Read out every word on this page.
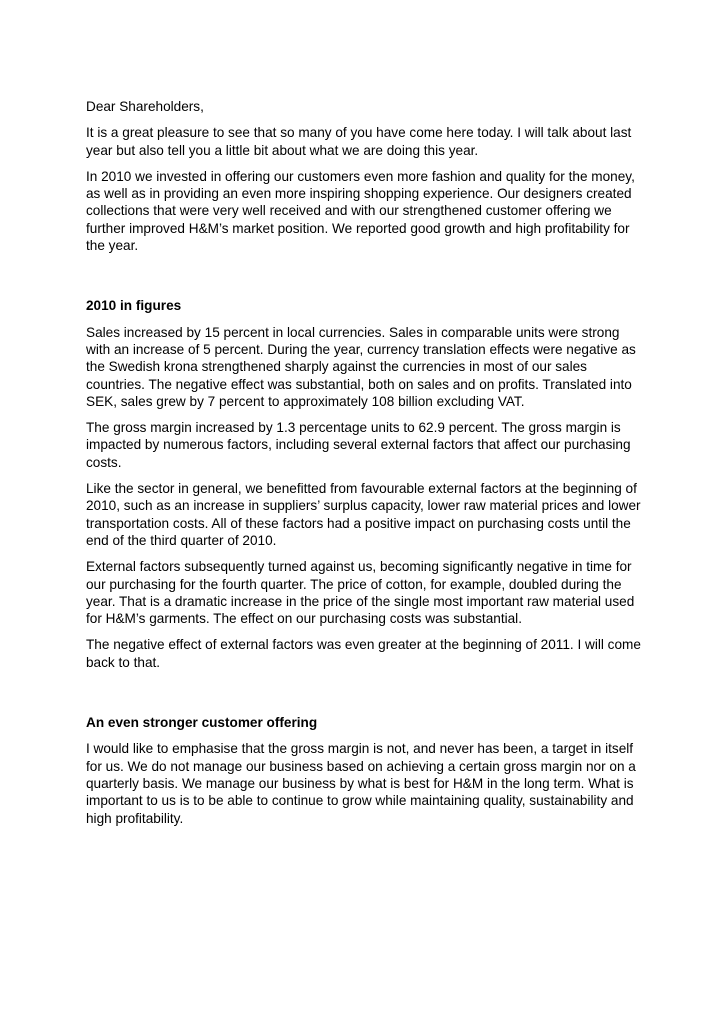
Dear Shareholders,

It is a great pleasure to see that so many of you have come here today. I will talk about last year but also tell you a little bit about what we are doing this year.

In 2010 we invested in offering our customers even more fashion and quality for the money, as well as in providing an even more inspiring shopping experience. Our designers created collections that were very well received and with our strengthened customer offering we further improved H&M’s market position. We reported good growth and high profitability for the year.

2010 in figures

Sales increased by 15 percent in local currencies. Sales in comparable units were strong with an increase of 5 percent. During the year, currency translation effects were negative as the Swedish krona strengthened sharply against the currencies in most of our sales countries. The negative effect was substantial, both on sales and on profits. Translated into SEK, sales grew by 7 percent to approximately 108 billion excluding VAT.

The gross margin increased by 1.3 percentage units to 62.9 percent. The gross margin is impacted by numerous factors, including several external factors that affect our purchasing costs.

Like the sector in general, we benefitted from favourable external factors at the beginning of 2010, such as an increase in suppliers’ surplus capacity, lower raw material prices and lower transportation costs. All of these factors had a positive impact on purchasing costs until the end of the third quarter of 2010.

External factors subsequently turned against us, becoming significantly negative in time for our purchasing for the fourth quarter. The price of cotton, for example, doubled during the year. That is a dramatic increase in the price of the single most important raw material used for H&M’s garments. The effect on our purchasing costs was substantial.

The negative effect of external factors was even greater at the beginning of 2011. I will come back to that.

An even stronger customer offering

I would like to emphasise that the gross margin is not, and never has been, a target in itself for us. We do not manage our business based on achieving a certain gross margin nor on a quarterly basis. We manage our business by what is best for H&M in the long term. What is important to us is to be able to continue to grow while maintaining quality, sustainability and high profitability.
